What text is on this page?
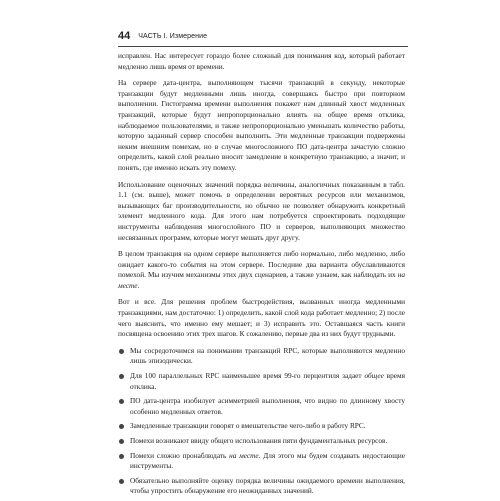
44 ЧАСТЬ I. Измерение

исправлен. Нас интересует гораздо более сложный для понимания код, который работает медленно лишь время от времени.

На сервере дата-центра, выполняющем тысячи транзакций в секунду, некоторые транзакции будут медленными лишь иногда, совершаясь быстро при повторном выполнении. Гистограмма времени выполнения покажет нам длинный хвост медленных транзакций, которые будут непропорционально влиять на общее время отклика, наблюдаемое пользователями, и также непропорционально уменьшать количество работы, которую заданный сервер способен выполнить. Эти медленные транзакции подвержены неким внешним помехам, но в случае многосложного ПО дата-центра зачастую сложно определить, какой слой реально вносит замедление в конкретную транзакцию, а значит, и понять, где именно искать эту помеху.

Использование оценочных значений порядка величины, аналогичных показанным в табл. 1.1 (см. выше), может помочь в определении вероятных ресурсов или механизмов, вызывающих баг производительности, но обычно не позволяет обнаружить конкретный элемент медленного кода. Для этого нам потребуется спроектировать подходящие инструменты наблюдения многослойного ПО и серверов, выполняющих множество несвязанных программ, которые могут мешать друг другу.

В целом транзакция на одном сервере выполняется либо нормально, либо медленно, либо ожидает какого-то события на этом сервере. Последние два варианта обуславливаются помехой. Мы изучим механизмы этих двух сценариев, а также узнаем, как наблюдать их на месте.

Вот и все. Для решения проблем быстродействия, вызванных иногда медленными транзакциями, нам достаточно: 1) определить, какой слой кода работает медленно; 2) после чего выяснить, что именно ему мешает; и 3) исправить это. Оставшаяся часть книги посвящена освоению этих трех шагов. К сожалению, первые два из них будут трудными.

Мы сосредоточимся на понимании транзакций RPC, которые выполняются медленно лишь эпизодически.
Для 100 параллельных RPC наименьшее время 99-го перцентиля задает общее время отклика.
ПО дата-центра изобилует асимметрией выполнения, что видно по длинному хвосту особенно медленных ответов.
Замедленные транзакции говорят о вмешательстве чего-либо в работу RPC.
Помехи возникают ввиду общего использования пяти фундаментальных ресурсов.
Помехи сложно пронаблюдать на месте. Для этого мы будем создавать недостающие инструменты.
Обязательно выполняйте оценку порядка величины ожидаемого времени выполнения, чтобы упростить обнаружение его неожиданных значений.
